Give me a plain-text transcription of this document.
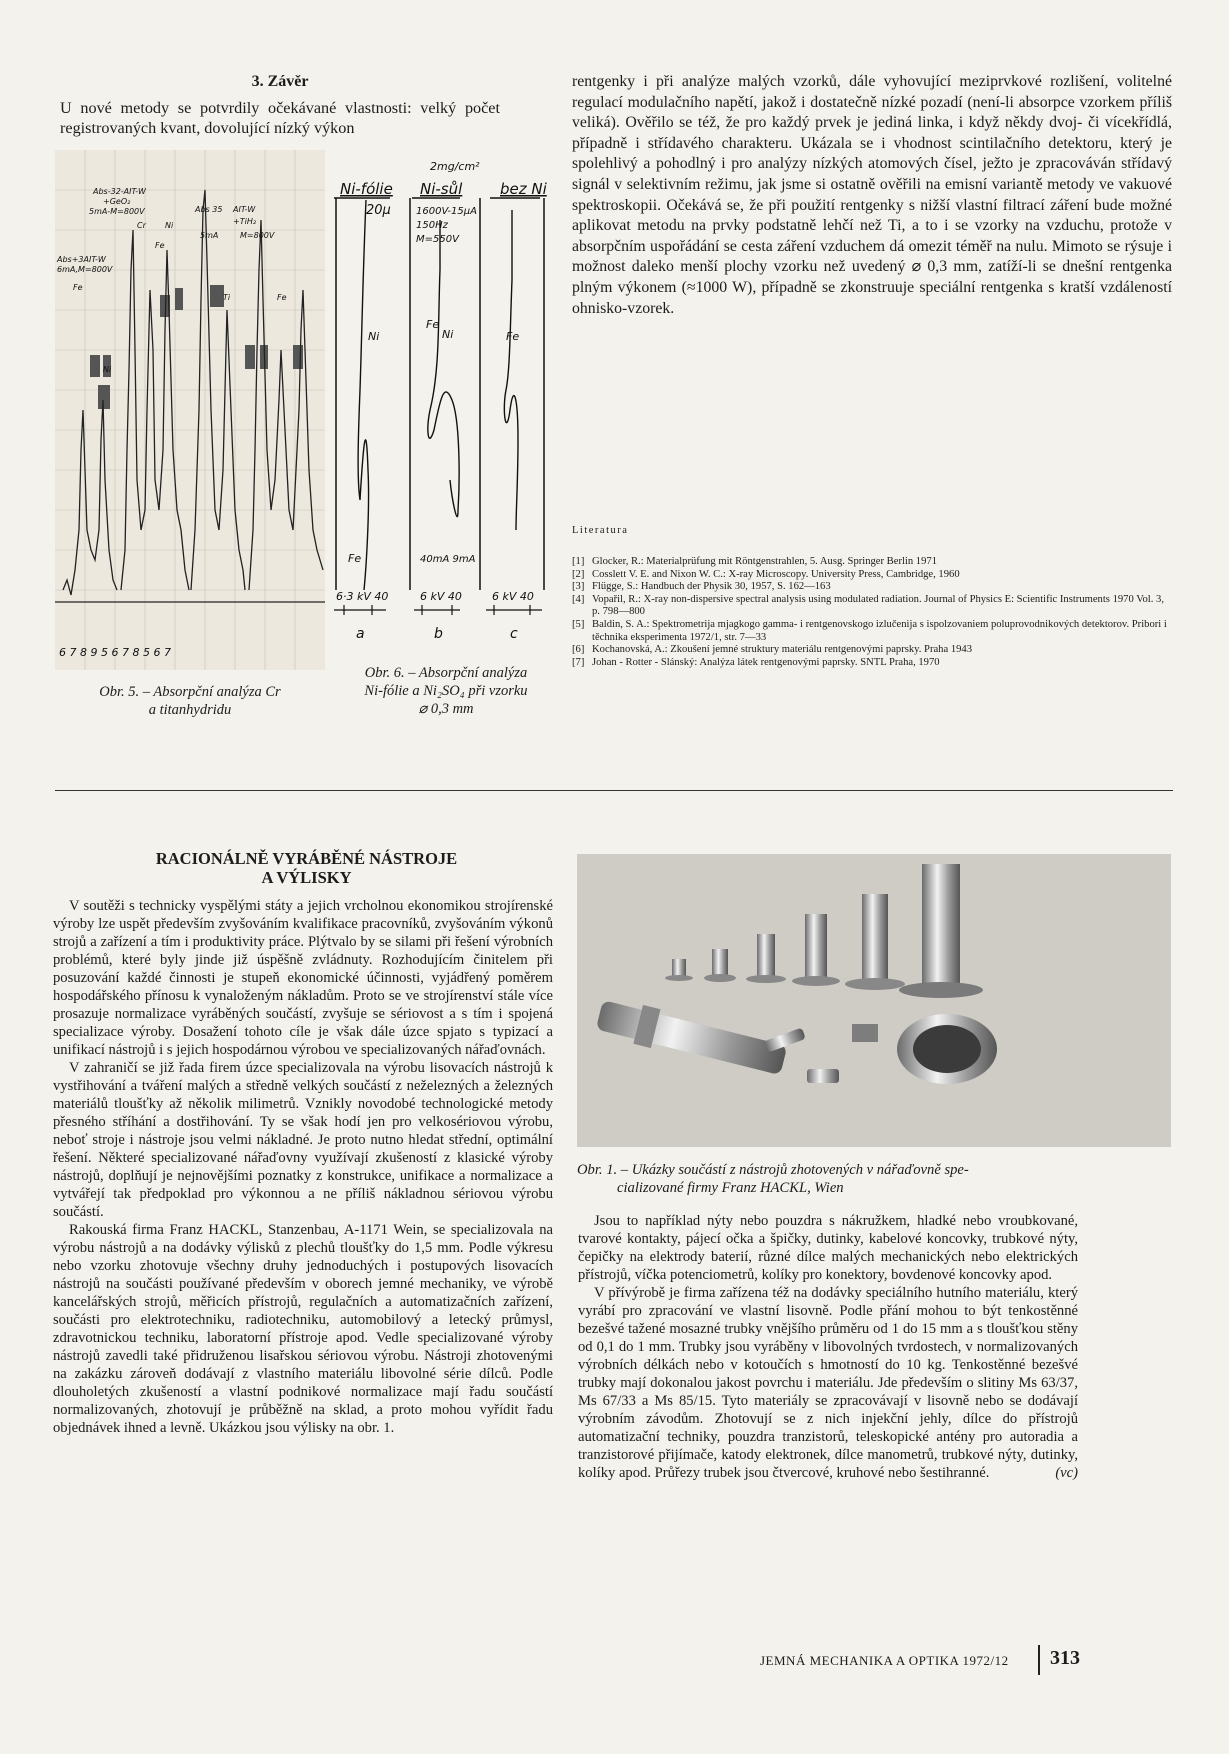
3. Závěr

U nové metody se potvrdily očekávané vlastnosti: velký počet registrovaných kvant, dovolující nízký výkon

rentgenky i při analýze malých vzorků, dále vyhovující meziprvkové rozlišení, volitelné regulací modulačního napětí, jakož i dostatečně nízké pozadí (není-li absorpce vzorkem příliš veliká). Ověřilo se též, že pro každý prvek je jediná linka, i když někdy dvoj- či vícekřídlá, případně i střídavého charakteru. Ukázala se i vhodnost scintilačního detektoru, který je spolehlivý a pohodlný i pro analýzy nízkých atomových čísel, ježto je zpracováván střídavý signál v selektivním režimu, jak jsme si ostatně ověřili na emisní variantě metody ve vakuové spektroskopii. Očekává se, že při použití rentgenky s nižší vlastní filtrací záření bude možné aplikovat metodu na prvky podstatně lehčí než Ti, a to i se vzorky na vzduchu, protože v absorpčním uspořádání se cesta záření vzduchem dá omezit téměř na nulu. Mimoto se rýsuje i možnost daleko menší plochy vzorku než uvedený ⌀ 0,3 mm, zatíží-li se dnešní rentgenka plným výkonem (≈1000 W), případně se zkonstruuje speciální rentgenka s kratší vzdáleností ohnisko-vzorek.

Abs-32-AIT-W
+GeO₂
5mA-M=800V
Abs+3AIT-W
6mA,M=800V
Abs 35 AIT-W
+TiH₂
5mA	M=800V
Cr Ni
Fe
Ti
Ni
Fe
Fe
6 7 8 9 5 6 7 8 5 6 7
Obr. 5. – Absorpční analýza Cr
a titanhydridu
Ni-fólie Ni-sůl	bez Ni
2mg/cm²
20μ	1600V-15μA
150Hz
M=550V
Fe
Ni
Ni	Fe
Fe	40mA 9mA
6·3 kV 40	6 kV 40	6 kV 40
a	b	c
Obr. 6. – Absorpční analýza
Ni-fólie a Ni₂SO₄ při vzorku
⌀ 0,3 mm
Literatura
[1] Glocker, R.: Materialprüfung mit Röntgenstrahlen, 5. Ausg. Springer Berlin 1971
[2] Cosslett V. E. and Nixon W. C.: X-ray Microscopy. University Press, Cambridge, 1960
[3] Flügge, S.: Handbuch der Physik 30, 1957, S. 162—163
[4] Vopařil, R.: X-ray non-dispersive spectral analysis using modulated radiation. Journal of Physics E: Scientific Instruments 1970 Vol. 3, p. 798—800
[5] Baldin, S. A.: Spektrometrija mjagkogo gamma- i rentgenovskogo izlučenija s ispolzovaniem poluprovodnikových detektorov. Pribori i těchnika eksperimenta 1972/1, str. 7—33
[6] Kochanovská, A.: Zkoušení jemné struktury materiálu rentgenovými paprsky. Praha 1943
[7] Johan - Rotter - Slánský: Analýza látek rentgenovými paprsky. SNTL Praha, 1970
RACIONÁLNĚ VYRÁBĚNÉ NÁSTROJE
A VÝLISKY

V soutěži s technicky vyspělými státy a jejich vrcholnou ekonomikou strojírenské výroby lze uspět především zvyšováním kvalifikace pracovníků, zvyšováním výkonů strojů a zařízení a tím i produktivity práce. Plýtvalo by se silami při řešení výrobních problémů, které byly jinde již úspěšně zvládnuty. Rozhodujícím činitelem při posuzování každé činnosti je stupeň ekonomické účinnosti, vyjádřený poměrem hospodářského přínosu k vynaloženým nákladům. Proto se ve strojírenství stále více prosazuje normalizace vyráběných součástí, zvyšuje se sériovost a s tím i spojená specializace výroby. Dosažení tohoto cíle je však dále úzce spjato s typizací a unifikací nástrojů i s jejich hospodárnou výrobou ve specializovaných nářaďovnách.

V zahraničí se již řada firem úzce specializovala na výrobu lisovacích nástrojů k vystřihování a tváření malých a středně velkých součástí z neželezných a železných materiálů tloušťky až několik milimetrů. Vznikly novodobé technologické metody přesného stříhání a dostřihování. Ty se však hodí jen pro velkosériovou výrobu, neboť stroje i nástroje jsou velmi nákladné. Je proto nutno hledat střední, optimální řešení. Některé specializované nářaďovny využívají zkušeností z klasické výroby nástrojů, doplňují je nejnovějšími poznatky z konstrukce, unifikace a normalizace a vytvářejí tak předpoklad pro výkonnou a ne příliš nákladnou sériovou výrobu součástí.

Rakouská firma Franz HACKL, Stanzenbau, A-1171 Wein, se specializovala na výrobu nástrojů a na dodávky výlisků z plechů tloušťky do 1,5 mm. Podle výkresu nebo vzorku zhotovuje všechny druhy jednoduchých i postupových lisovacích nástrojů na součásti používané především v oborech jemné mechaniky, ve výrobě kancelářských strojů, měřicích přístrojů, regulačních a automatizačních zařízení, součásti pro elektrotechniku, radiotechniku, automobilový a letecký průmysl, zdravotnickou techniku, laboratorní přístroje apod. Vedle specializované výroby nástrojů zavedli také přidruženou lisařskou sériovou výrobu. Nástroji zhotovenými na zakázku zároveň dodávají z vlastního materiálu libovolné série dílců. Podle dlouholetých zkušeností a vlastní podnikové normalizace mají řadu součástí normalizovaných, zhotovují je průběžně na sklad, a proto mohou vyřídit řadu objednávek ihned a levně. Ukázkou jsou výlisky na obr. 1.

Obr. 1. – Ukázky součástí z nástrojů zhotovených v nářaďovně spe-
cializované firmy Franz HACKL, Wien

Jsou to například nýty nebo pouzdra s nákružkem, hladké nebo vroubkované, tvarové kontakty, pájecí očka a špičky, dutinky, kabelové koncovky, trubkové nýty, čepičky na elektrody baterií, různé dílce malých mechanických nebo elektrických přístrojů, víčka potenciometrů, kolíky pro konektory, bovdenové koncovky apod.

V přívýrobě je firma zařízena též na dodávky speciálního hutního materiálu, který vyrábí pro zpracování ve vlastní lisovně. Podle přání mohou to být tenkostěnné bezešvé tažené mosazné trubky vnějšího průměru od 1 do 15 mm a s tloušťkou stěny od 0,1 do 1 mm. Trubky jsou vyráběny v libovolných tvrdostech, v normalizovaných výrobních délkách nebo v kotoučích s hmotností do 10 kg. Tenkostěnné bezešvé trubky mají dokonalou jakost povrchu i materiálu. Jde především o slitiny Ms 63/37, Ms 67/33 a Ms 85/15. Tyto materiály se zpracovávají v lisovně nebo se dodávají výrobním závodům. Zhotovují se z nich injekční jehly, dílce do přístrojů automatizační techniky, pouzdra tranzistorů, teleskopické antény pro autoradia a tranzistorové přijímače, katody elektronek, dílce manometrů, trubkové nýty, dutinky, kolíky apod. Průřezy trubek jsou čtvercové, kruhové nebo šestihranné.	(vc)
JEMNÁ MECHANIKA A OPTIKA 1972/12 313
